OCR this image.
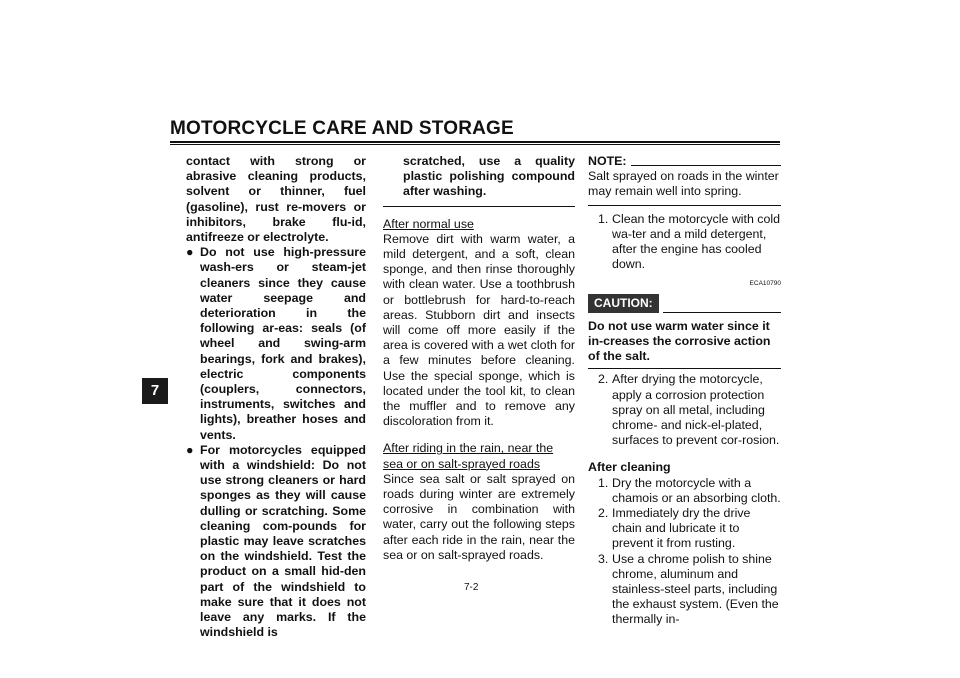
MOTORCYCLE CARE AND STORAGE
7

contact with strong or abrasive cleaning products, solvent or thinner, fuel (gasoline), rust re-movers or inhibitors, brake flu-id, antifreeze or electrolyte.

● Do not use high-pressure wash-ers or steam-jet cleaners since they cause water seepage and deterioration in the following ar-eas: seals (of wheel and swing-arm bearings, fork and brakes), electric components (couplers, connectors, instruments, switches and lights), breather hoses and vents.

● For motorcycles equipped with a windshield: Do not use strong cleaners or hard sponges as they will cause dulling or scratching. Some cleaning com-pounds for plastic may leave scratches on the windshield. Test the product on a small hid-den part of the windshield to make sure that it does not leave any marks. If the windshield is

scratched, use a quality plastic polishing compound after washing.

After normal use

Remove dirt with warm water, a mild detergent, and a soft, clean sponge, and then rinse thoroughly with clean water. Use a toothbrush or bottlebrush for hard-to-reach areas. Stubborn dirt and insects will come off more easily if the area is covered with a wet cloth for a few minutes before cleaning. Use the special sponge, which is located under the tool kit, to clean the muffler and to remove any discoloration from it.

After riding in the rain, near the sea or on salt-sprayed roads

Since sea salt or salt sprayed on roads during winter are extremely corrosive in combination with water, carry out the following steps after each ride in the rain, near the sea or on salt-sprayed roads.

NOTE:

Salt sprayed on roads in the winter may remain well into spring.

1. Clean the motorcycle with cold wa-ter and a mild detergent, after the engine has cooled down.

ECA10790
CAUTION:

Do not use warm water since it in-creases the corrosive action of the salt.

2. After drying the motorcycle, apply a corrosion protection spray on all metal, including chrome- and nick-el-plated, surfaces to prevent cor-rosion.

After cleaning

1. Dry the motorcycle with a chamois or an absorbing cloth.

2. Immediately dry the drive chain and lubricate it to prevent it from rusting.

3. Use a chrome polish to shine chrome, aluminum and stainless-steel parts, including the exhaust system. (Even the thermally in-

7-2
